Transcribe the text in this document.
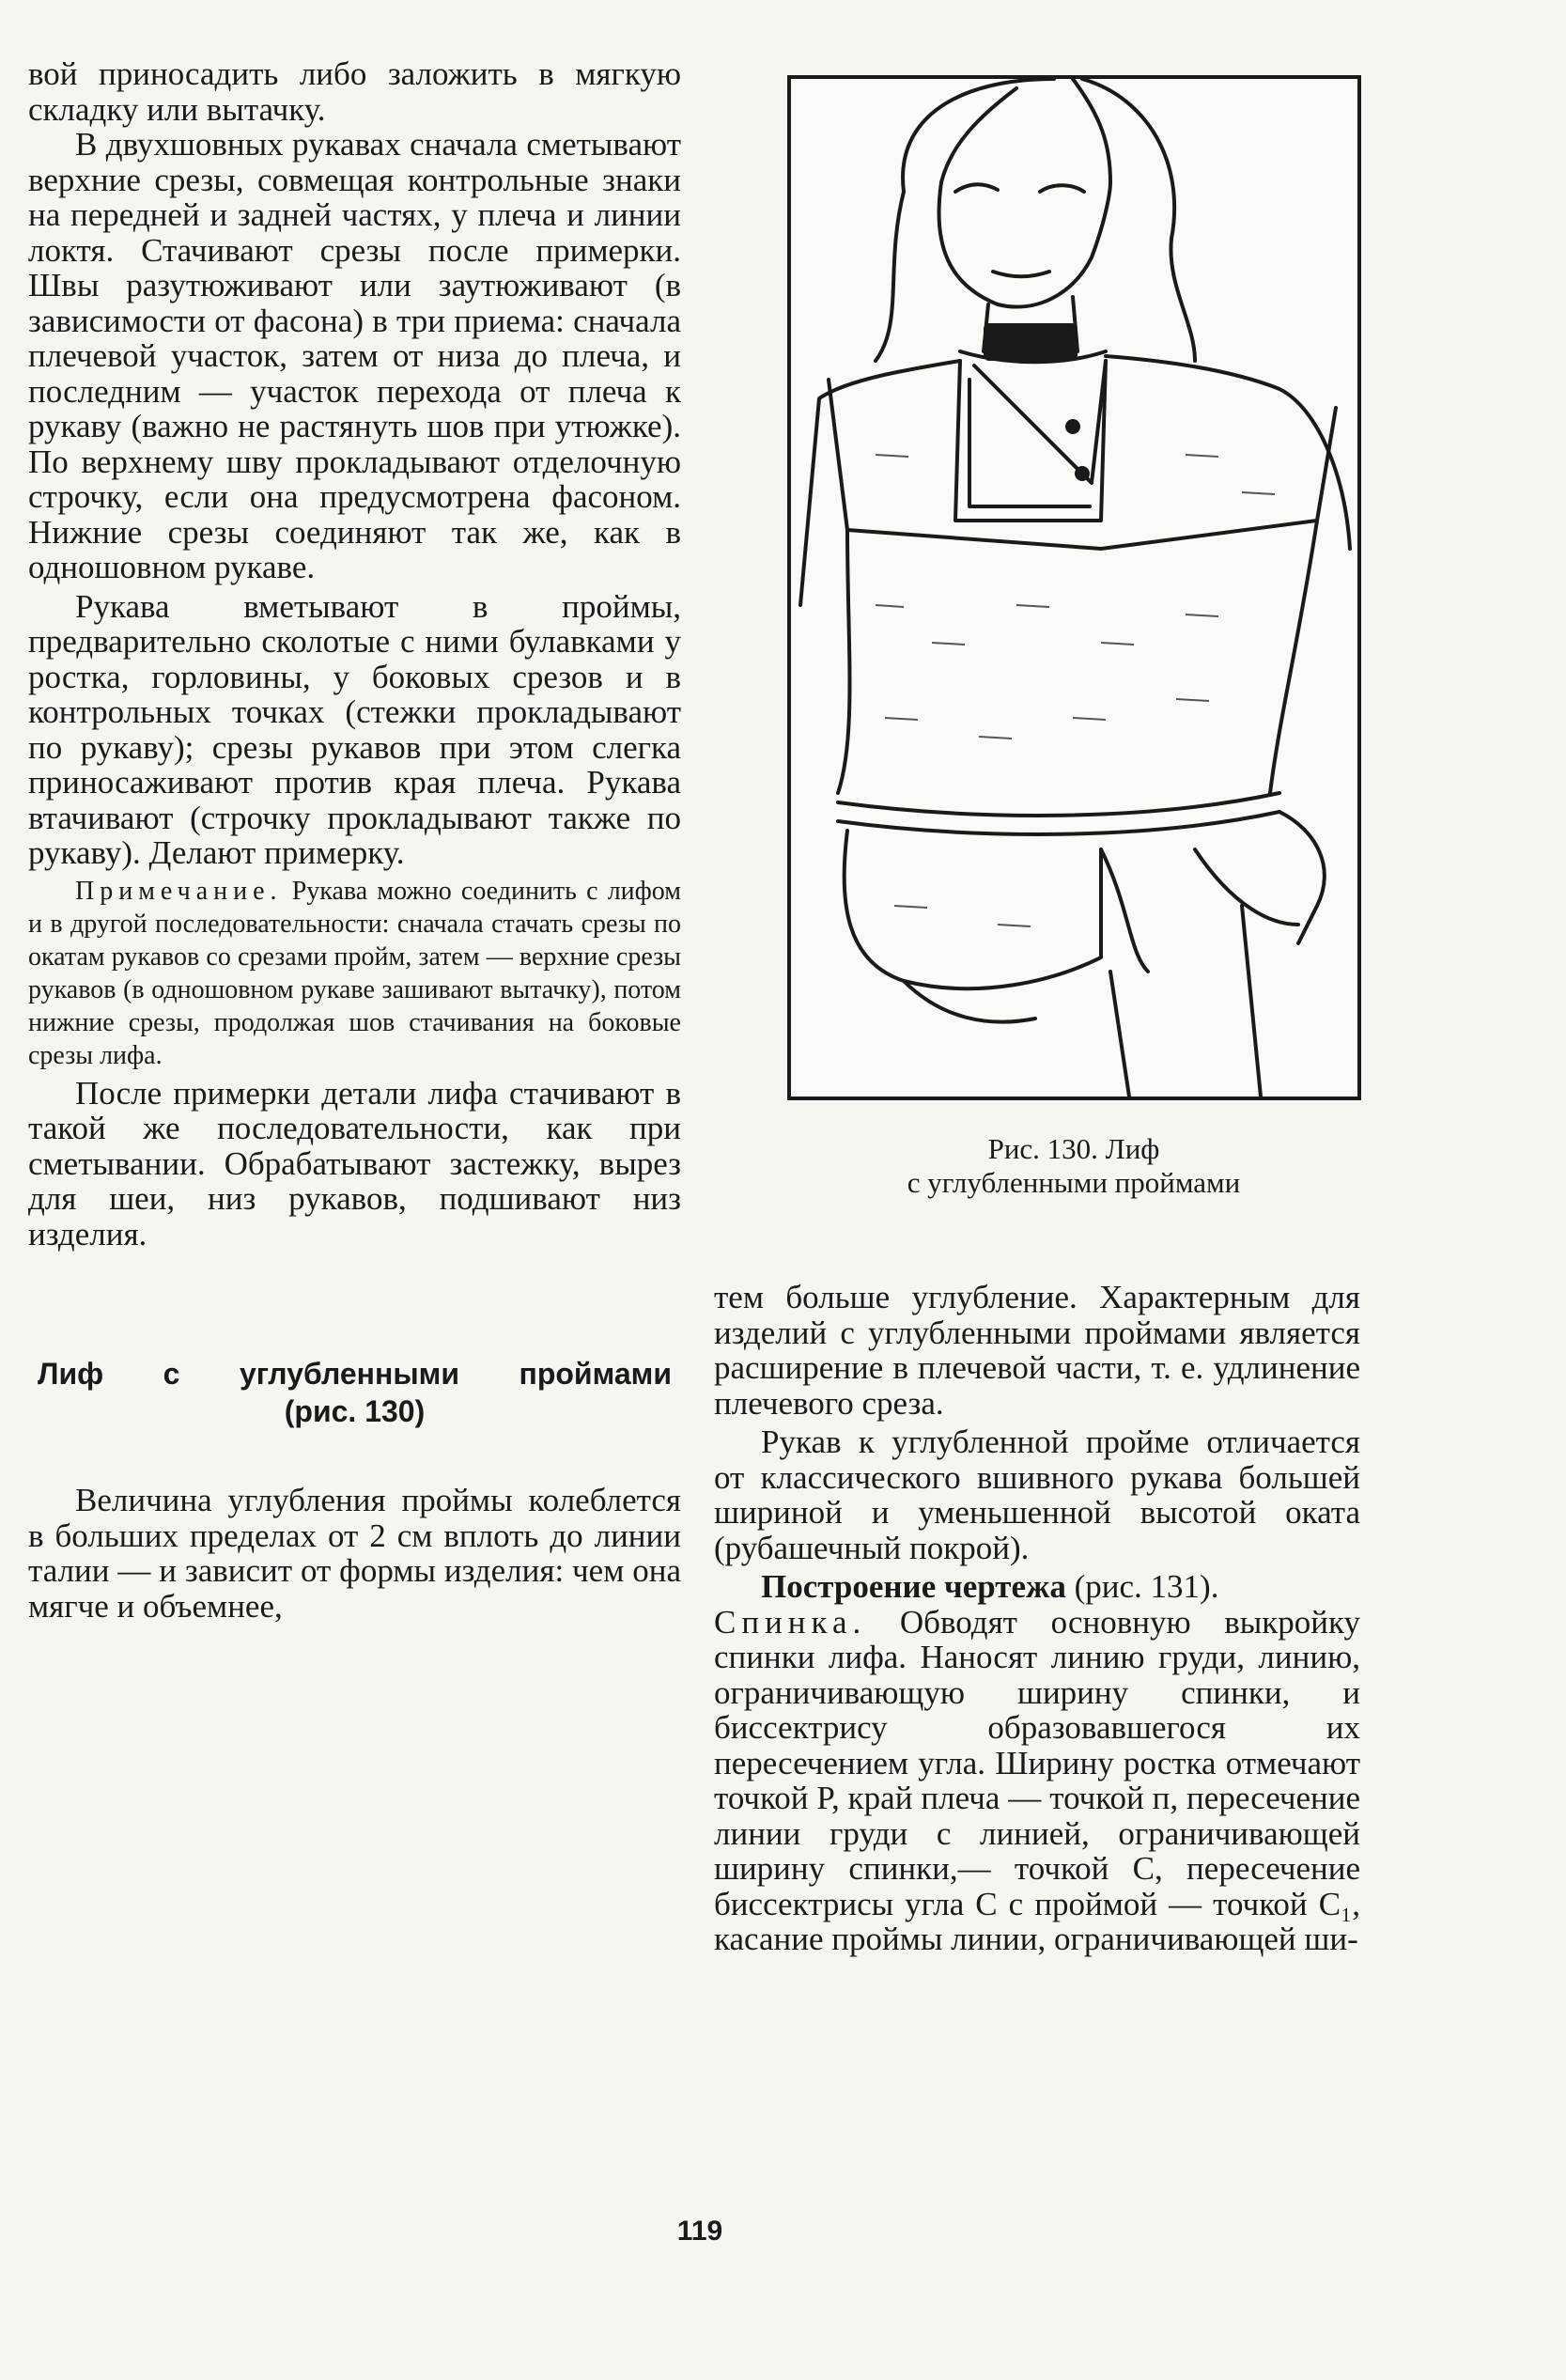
вой приносадить либо заложить в мягкую складку или вытачку.

В двухшовных рукавах сначала сметывают верхние срезы, совмещая контрольные знаки на передней и задней частях, у плеча и линии локтя. Стачивают срезы после примерки. Швы разутюживают или заутюживают (в зависимости от фасона) в три приема: сначала плечевой участок, затем от низа до плеча, и последним — участок перехода от плеча к рукаву (важно не растянуть шов при утюжке). По верхнему шву прокладывают отделочную строчку, если она предусмотрена фасоном. Нижние срезы соединяют так же, как в одношовном рукаве.

Рукава вметывают в проймы, предварительно сколотые с ними булавками у ростка, горловины, у боковых срезов и в контрольных точках (стежки прокладывают по рукаву); срезы рукавов при этом слегка приносаживают против края плеча. Рукава втачивают (строчку прокладывают также по рукаву). Делают примерку.

Примечание. Рукава можно соединить с лифом и в другой последовательности: сначала стачать срезы по окатам рукавов со срезами пройм, затем — верхние срезы рукавов (в одношовном рукаве зашивают вытачку), потом нижние срезы, продолжая шов стачивания на боковые срезы лифа.

После примерки детали лифа стачивают в такой же последовательности, как при сметывании. Обрабатывают застежку, вырез для шеи, низ рукавов, подшивают низ изделия.

Лиф с углубленными проймами
(рис. 130)

Величина углубления проймы колеблется в больших пределах от 2 см вплоть до линии талии — и зависит от формы изделия: чем она мягче и объемнее,

Рис. 130. Лиф
с углубленными проймами

тем больше углубление. Характерным для изделий с углубленными проймами является расширение в плечевой части, т. е. удлинение плечевого среза.

Рукав к углубленной пройме отличается от классического вшивного рукава большей шириной и уменьшенной высотой оката (рубашечный покрой).

Построение чертежа (рис. 131).

Спинка. Обводят основную выкройку спинки лифа. Наносят линию груди, линию, ограничивающую ширину спинки, и биссектрису образовавшегося их пересечением угла. Ширину ростка отмечают точкой P, край плеча — точкой п, пересечение линии груди с линией, ограничивающей ширину спинки,— точкой C, пересечение биссектрисы угла C с проймой — точкой C₁, касание проймы линии, ограничивающей ши-

119
